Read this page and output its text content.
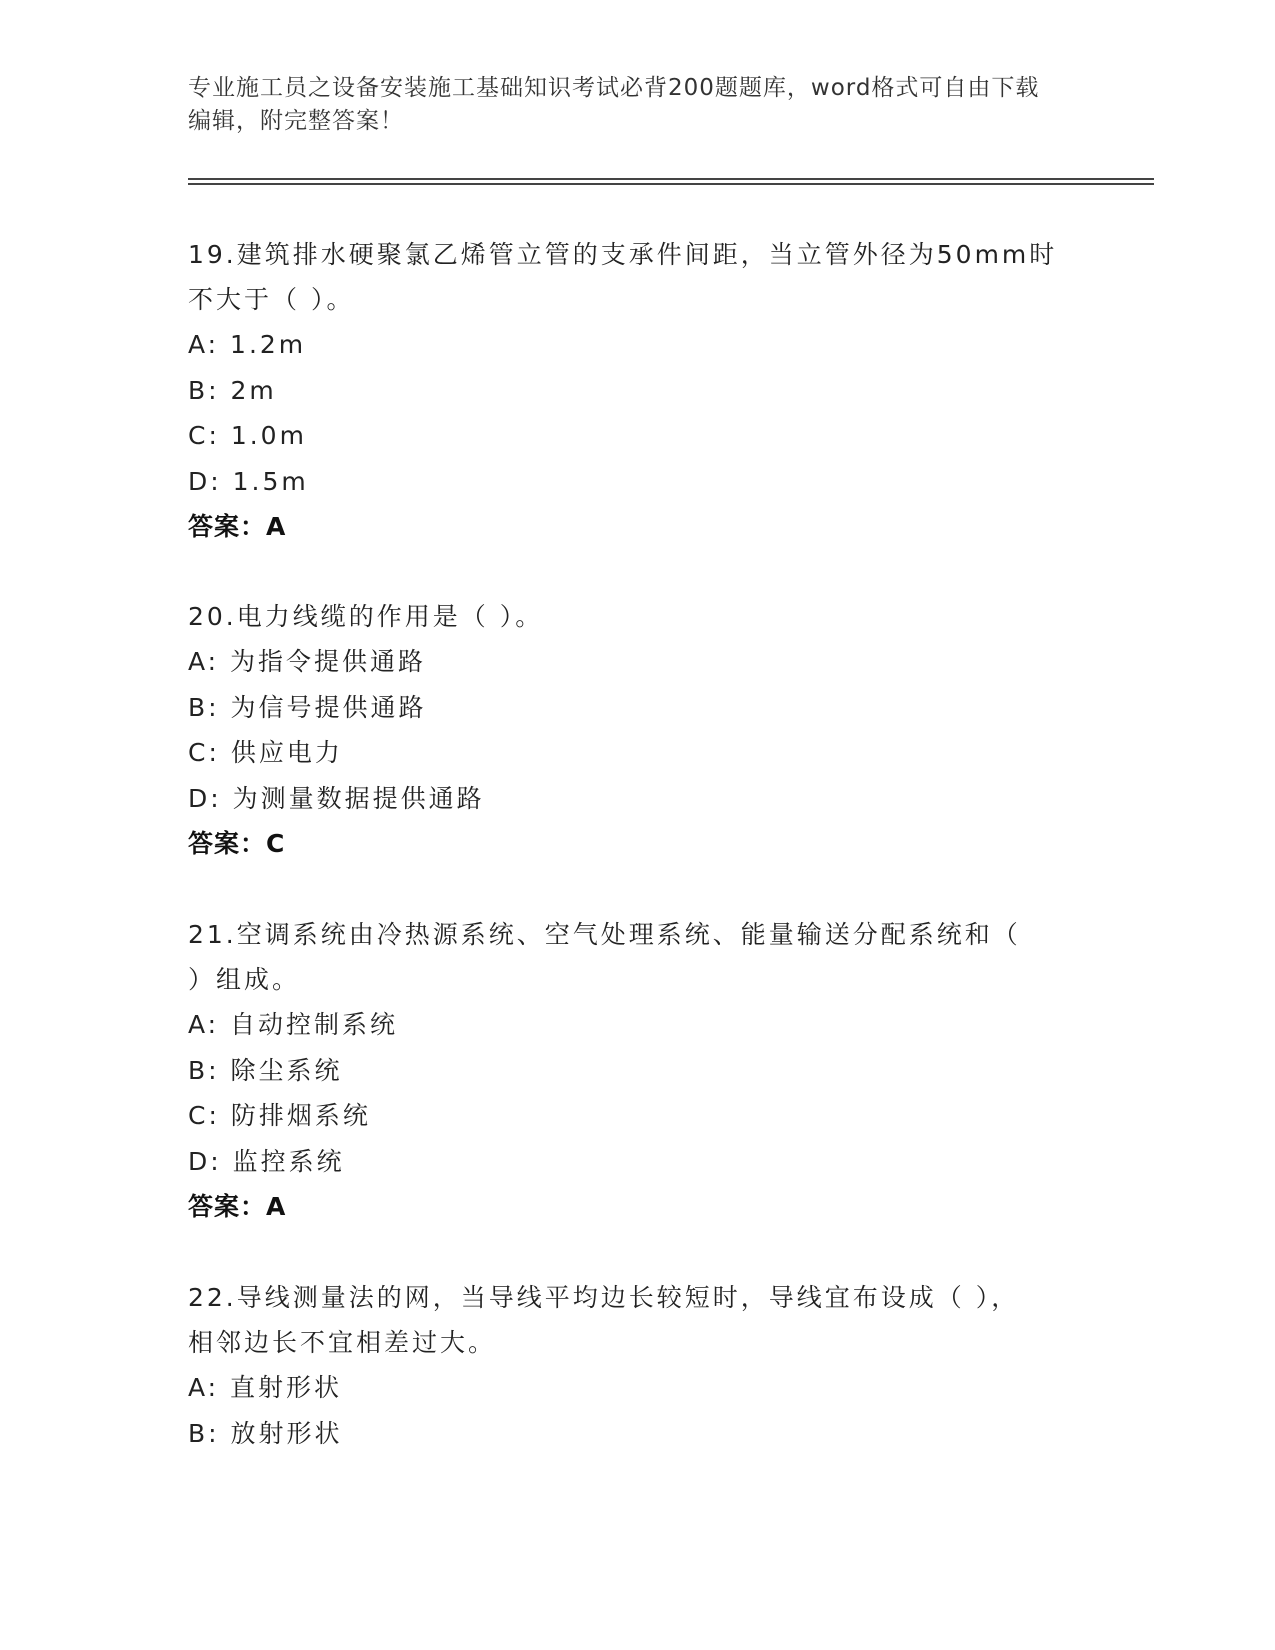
专业施工员之设备安装施工基础知识考试必背200题题库，word格式可自由下载
编辑，附完整答案！

19.建筑排水硬聚氯乙烯管立管的支承件间距，当立管外径为50mm时

不大于（ ）。

A: 1.2m

B: 2m

C: 1.0m

D: 1.5m

答案：A

20.电力线缆的作用是（ ）。

A: 为指令提供通路

B: 为信号提供通路

C: 供应电力

D: 为测量数据提供通路

答案：C

21.空调系统由冷热源系统、空气处理系统、能量输送分配系统和（

）组成。

A: 自动控制系统

B: 除尘系统

C: 防排烟系统

D: 监控系统

答案：A

22.导线测量法的网，当导线平均边长较短时，导线宜布设成（ ），

相邻边长不宜相差过大。

A: 直射形状

B: 放射形状
